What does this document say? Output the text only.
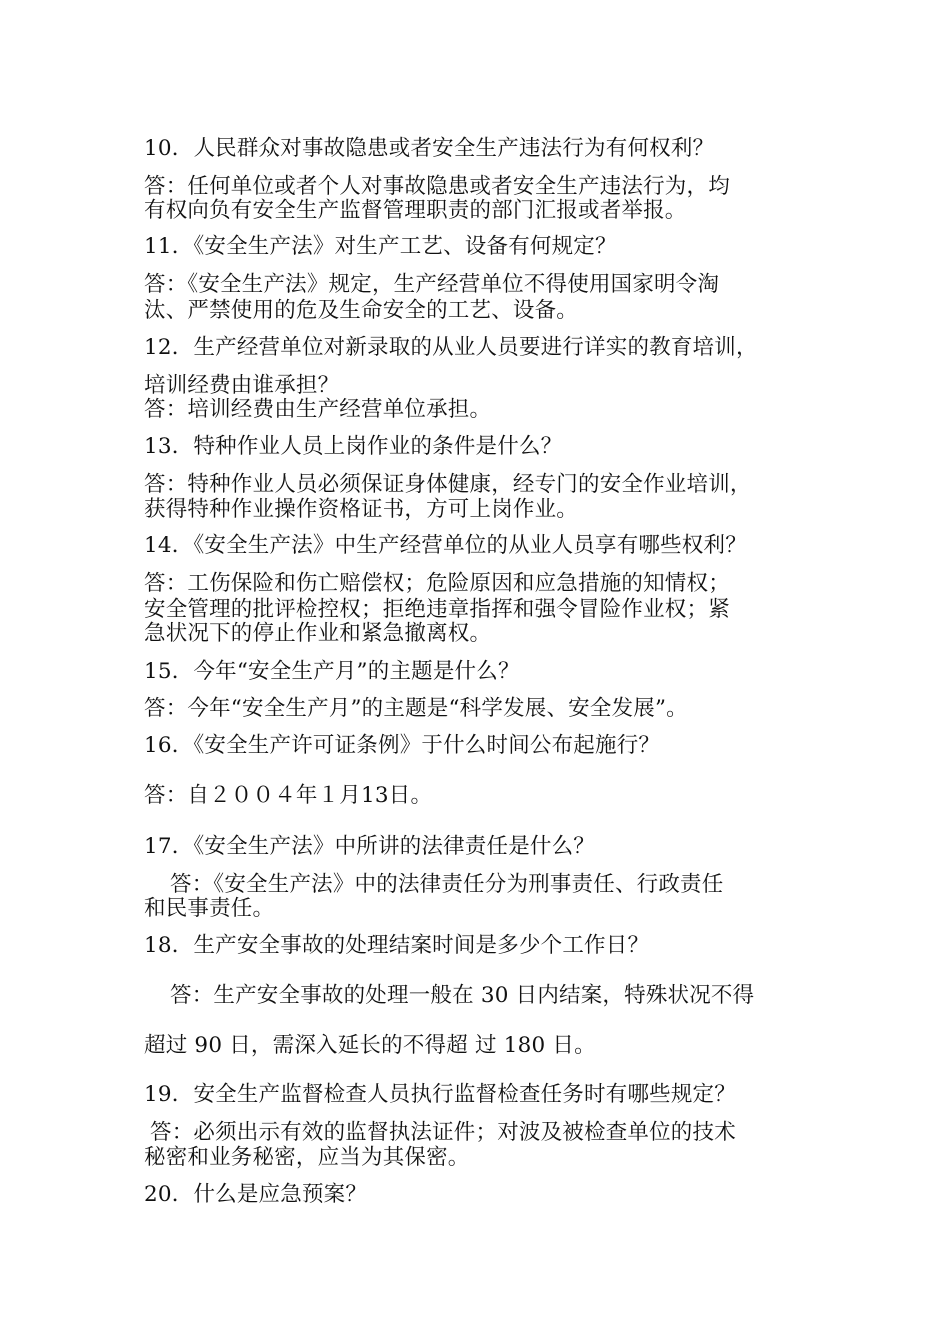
10．人民群众对事故隐患或者安全生产违法行为有何权利？
答：任何单位或者个人对事故隐患或者安全生产违法行为，均
有权向负有安全生产监督管理职责的部门汇报或者举报。
11．《安全生产法》对生产工艺、设备有何规定？
答：《安全生产法》规定，生产经营单位不得使用国家明令淘
汰、严禁使用的危及生命安全的工艺、设备。
12．生产经营单位对新录取的从业人员要进行详实的教育培训，
培训经费由谁承担？
答：培训经费由生产经营单位承担。
13．特种作业人员上岗作业的条件是什么？
答：特种作业人员必须保证身体健康，经专门的安全作业培训，
获得特种作业操作资格证书，方可上岗作业。
14．《安全生产法》中生产经营单位的从业人员享有哪些权利？
答：工伤保险和伤亡赔偿权；危险原因和应急措施的知情权；
安全管理的批评检控权；拒绝违章指挥和强令冒险作业权；紧
急状况下的停止作业和紧急撤离权。
15．今年“安全生产月”的主题是什么？
答：今年“安全生产月”的主题是“科学发展、安全发展”。
16．《安全生产许可证条例》于什么时间公布起施行？
答：自２００４年１月13日。
17．《安全生产法》中所讲的法律责任是什么？
答：《安全生产法》中的法律责任分为刑事责任、行政责任
和民事责任。
18．生产安全事故的处理结案时间是多少个工作日？
答：生产安全事故的处理一般在 30 日内结案，特殊状况不得
超过 90 日，需深入延长的不得超 过 180 日。
19．安全生产监督检查人员执行监督检查任务时有哪些规定？
答：必须出示有效的监督执法证件；对波及被检查单位的技术
秘密和业务秘密，应当为其保密。
20．什么是应急预案？
